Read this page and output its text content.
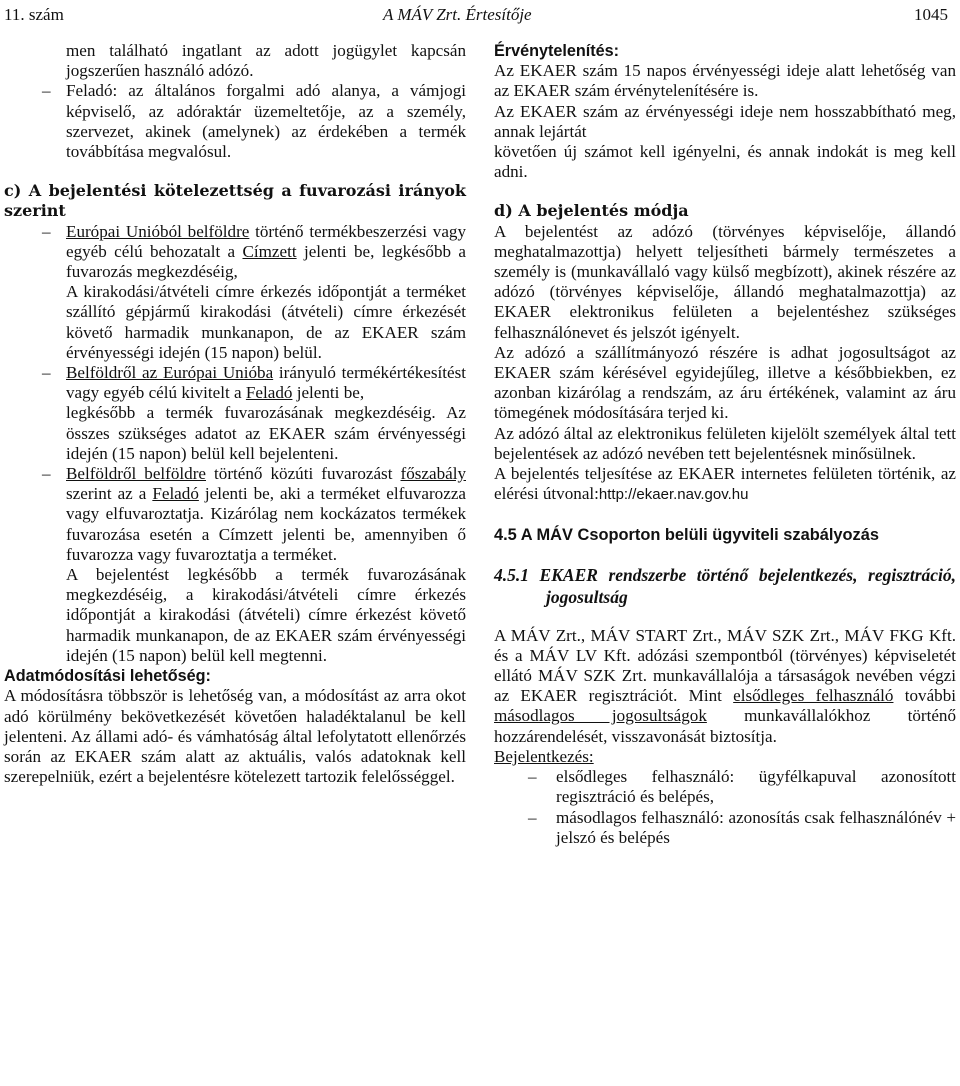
11. szám	A MÁV Zrt. Értesítője	1045

men található ingatlant az adott jogügylet kapcsán jogszerűen használó adózó.

– Feladó: az általános forgalmi adó alanya, a vámjogi képviselő, az adóraktár üzemeltetője, az a személy, szervezet, akinek (amelynek) az érdekében a termék továbbítása megvalósul.

c) A bejelentési kötelezettség a fuvarozási irányok szerint

– Európai Unióból belföldre történő termékbeszerzési vagy egyéb célú behozatalt a Címzett jelenti be, legkésőbb a fuvarozás megkezdéséig,

A kirakodási/átvételi címre érkezés időpontját a terméket szállító gépjármű kirakodási (átvételi) címre érkezését követő harmadik munkanapon, de az EKAER szám érvényességi idején (15 napon) belül.

– Belföldről az Európai Unióba irányuló termékértékesítést vagy egyéb célú kivitelt a Feladó jelenti be,

legkésőbb a termék fuvarozásának megkezdéséig. Az összes szükséges adatot az EKAER szám érvényességi idején (15 napon) belül kell bejelenteni.

– Belföldről belföldre történő közúti fuvarozást főszabály szerint az a Feladó jelenti be, aki a terméket elfuvarozza vagy elfuvaroztatja. Kizárólag nem kockázatos termékek fuvarozása esetén a Címzett jelenti be, amennyiben ő fuvarozza vagy fuvaroztatja a terméket.

A bejelentést legkésőbb a termék fuvarozásának megkezdéséig, a kirakodási/átvételi címre érkezés időpontját a kirakodási (átvételi) címre érkezést követő harmadik munkanapon, de az EKAER szám érvényességi idején (15 napon) belül kell megtenni.

Adatmódosítási lehetőség:

A módosításra többször is lehetőség van, a módosítást az arra okot adó körülmény bekövetkezését követően haladéktalanul be kell jelenteni. Az állami adó- és vámhatóság által lefolytatott ellenőrzés során az EKAER szám alatt az aktuális, valós adatoknak kell szerepelniük, ezért a bejelentésre kötelezett tartozik felelősséggel.

Érvénytelenítés:

Az EKAER szám 15 napos érvényességi ideje alatt lehetőség van az EKAER szám érvénytelenítésére is.

Az EKAER szám az érvényességi ideje nem hosszabbítható meg, annak lejártát

követően új számot kell igényelni, és annak indokát is meg kell adni.

d) A bejelentés módja

A bejelentést az adózó (törvényes képviselője, állandó meghatalmazottja) helyett teljesítheti bármely természetes a személy is (munkavállaló vagy külső megbízott), akinek részére az adózó (törvényes képviselője, állandó meghatalmazottja) az EKAER elektronikus felületen a bejelentéshez szükséges felhasználónevet és jelszót igényelt.

Az adózó a szállítmányozó részére is adhat jogosultságot az EKAER szám kérésével egyidejűleg, illetve a későbbiekben, ez azonban kizárólag a rendszám, az áru értékének, valamint az áru tömegének módosítására terjed ki.

Az adózó által az elektronikus felületen kijelölt személyek által tett bejelentések az adózó nevében tett bejelentésnek minősülnek.

A bejelentés teljesítése az EKAER internetes felületen történik, az elérési útvonal:http://ekaer.nav.gov.hu

4.5 A MÁV Csoporton belüli ügyviteli szabályozás

4.5.1 EKAER rendszerbe történő bejelentkezés, regisztráció, jogosultság

A MÁV Zrt., MÁV START Zrt., MÁV SZK Zrt., MÁV FKG Kft. és a MÁV LV Kft. adózási szempontból (törvényes) képviseletét ellátó MÁV SZK Zrt. munkavállalója a társaságok nevében végzi az EKAER regisztrációt. Mint elsődleges felhasználó további másodlagos jogosultságok munkavállalókhoz történő hozzárendelését, visszavonását biztosítja.

Bejelentkezés:

– elsődleges felhasználó: ügyfélkapuval azonosított regisztráció és belépés,

– másodlagos felhasználó: azonosítás csak felhasználónév + jelszó és belépés
